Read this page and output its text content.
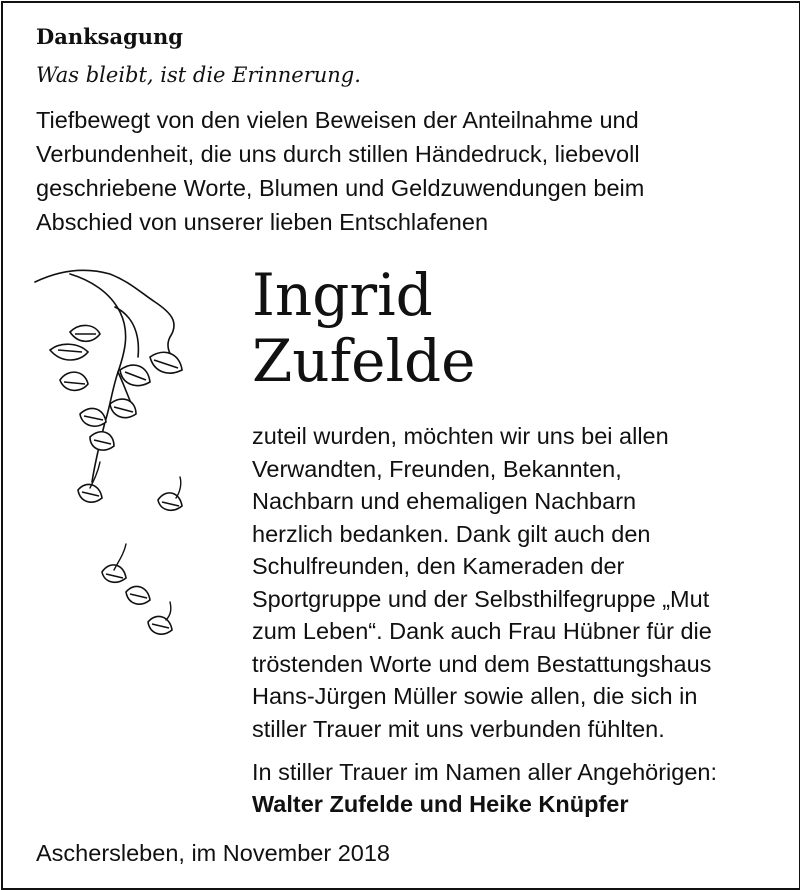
Danksagung
Was bleibt, ist die Erinnerung.
Tiefbewegt von den vielen Beweisen der Anteilnahme und
Verbundenheit, die uns durch stillen Händedruck, liebevoll
geschriebene Worte, Blumen und Geldzuwendungen beim
Abschied von unserer lieben Entschlafenen
Ingrid
Zufelde
zuteil wurden, möchten wir uns bei allen
Verwandten, Freunden, Bekannten,
Nachbarn und ehemaligen Nachbarn
herzlich bedanken. Dank gilt auch den
Schulfreunden, den Kameraden der
Sportgruppe und der Selbsthilfegruppe „Mut
zum Leben“. Dank auch Frau Hübner für die
tröstenden Worte und dem Bestattungshaus
Hans-Jürgen Müller sowie allen, die sich in
stiller Trauer mit uns verbunden fühlten.
In stiller Trauer im Namen aller Angehörigen:
Walter Zufelde und Heike Knüpfer
Aschersleben, im November 2018
